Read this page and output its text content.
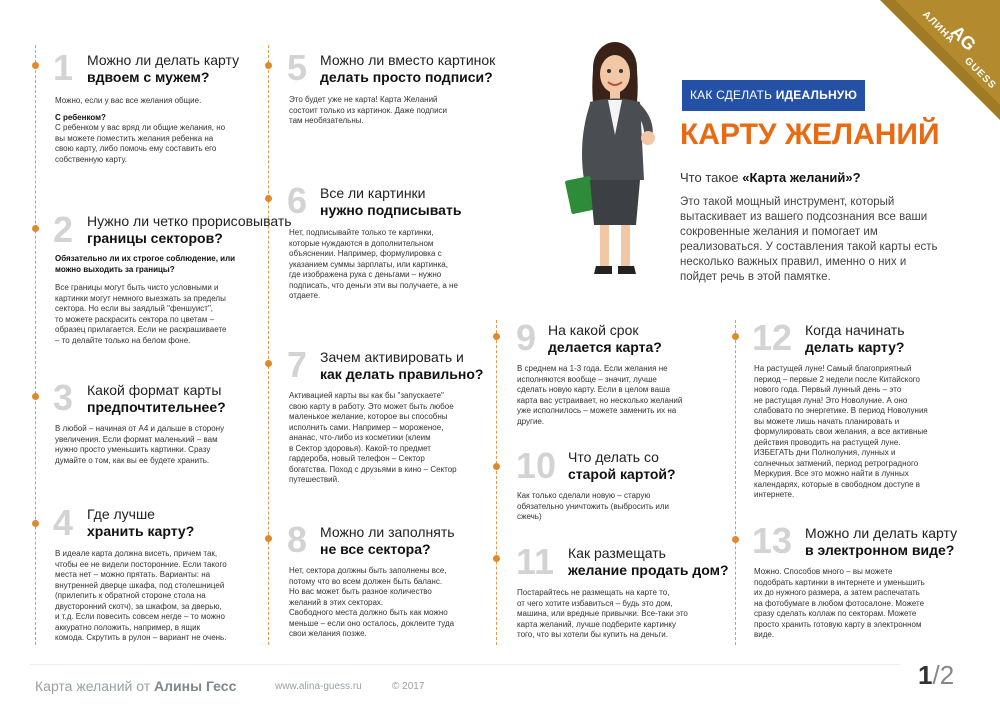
1 Можно ли делать карту
вдвоем с мужем?
Можно, если у вас все желания общие.
С ребенком?
С ребенком у вас вряд ли общие желания, но
вы можете поместить желания ребенка на
свою карту, либо помочь ему составить его
собственную карту.
2 Нужно ли четко прорисовывать
границы секторов?
Обязательно ли их строгое соблюдение, или
можно выходить за границы?
Все границы могут быть чисто условными и
картинки могут немного выезжать за пределы
сектора. Но если вы заядлый "феншуист",
то можете раскрасить сектора по цветам –
образец прилагается. Если не раскрашиваете
– то делайте только на белом фоне.
3 Какой формат карты
предпочтительнее?
В любой – начиная от А4 и дальше в сторону
увеличения. Если формат маленький – вам
нужно просто уменьшить картинки. Сразу
думайте о том, как вы ее будете хранить.
4 Где лучше
хранить карту?
В идеале карта должна висеть, причем так,
чтобы ее не видели посторонние. Если такого
места нет – можно прятать. Варианты: на
внутренней дверце шкафа, под столешницей
(прилепить к обратной стороне стола на
двусторонний скотч), за шкафом, за дверью,
и т.д. Если повесить совсем негде – то можно
аккуратно положить, например, в ящик
комода. Скрутить в рулон – вариант не очень.
5 Можно ли вместо картинок
делать просто подписи?
Это будет уже не карта! Карта Желаний
состоит только из картинок. Даже подписи
там необязательны.
6 Все ли картинки
нужно подписывать
Нет, подписывайте только те картинки,
которые нуждаются в дополнительном
объяснении. Например, формулировка с
указанием суммы зарплаты, или картинка,
где изображена рука с деньгами – нужно
подписать, что деньги эти вы получаете, а не
отдаете.
7 Зачем активировать и
как делать правильно?
Активацией карты вы как бы "запускаете"
свою карту в работу. Это может быть любое
маленькое желание, которое вы способны
исполнить сами. Например – мороженое,
ананас, что-либо из косметики (клеим
в Сектор здоровья). Какой-то предмет
гардероба, новый телефон – Сектор
богатства. Поход с друзьями в кино – Сектор
путешествий.
8 Можно ли заполнять
не все сектора?
Нет, сектора должны быть заполнены все,
потому что во всем должен быть баланс.
Но вас может быть разное количество
желаний в этих секторах.
Свободного места должно быть как можно
меньше – если оно осталось, доклеите туда
свои желания позже.
9 На какой срок
делается карта?
В среднем на 1-3 года. Если желания не
исполняются вообще – значит, лучше
сделать новую карту. Если в целом ваша
карта вас устраивает, но несколько желаний
уже исполнилось – можете заменить их на
другие.
10 Что делать со
старой картой?
Как только сделали новую – старую
обязательно уничтожить (выбросить или
сжечь)
11 Как размещать
желание продать дом?
Постарайтесь не размещать на карте то,
от чего хотите избавиться – будь это дом,
машина, или вредные привычки. Все-таки это
карта желаний, лучше подберите картинку
того, что вы хотели бы купить на деньги.
12 Когда начинать
делать карту?
На растущей луне! Самый благоприятный
период – первые 2 недели после Китайского
нового года. Первый лунный день – это
не растущая луна! Это Новолуние. А оно
слабовато по энергетике. В период Новолуния
вы можете лишь начать планировать и
формулировать свои желания, а все активные
действия проводить на растущей луне.
ИЗБЕГАТЬ дни Полнолуния, лунных и
солнечных затмений, период ретроградного
Меркурия. Все это можно найти в лунных
календарях, которые в свободном доступе в
интернете.
13 Можно ли делать карту
в электронном виде?
Можно. Способов много – вы можете
подобрать картинки в интернете и уменьшить
их до нужного размера, а затем распечатать
на фотобумаге в любом фотосалоне. Можете
сразу сделать коллаж по секторам. Можете
просто хранить готовую карту в электронном
виде.
КАК СДЕЛАТЬ ИДЕАЛЬНУЮ
КАРТУ ЖЕЛАНИЙ
Что такое «Карта желаний»?
Это такой мощный инструмент, который вытаскивает из вашего подсознания все ваши сокровенные желания и помогает им реализоваться. У составления такой карты есть несколько важных правил, именно о них и пойдет речь в этой памятке.
AG
АЛИНА
GUESS
Карта желаний от Алины Гесс	www.alina-guess.ru	© 2017	1/2
